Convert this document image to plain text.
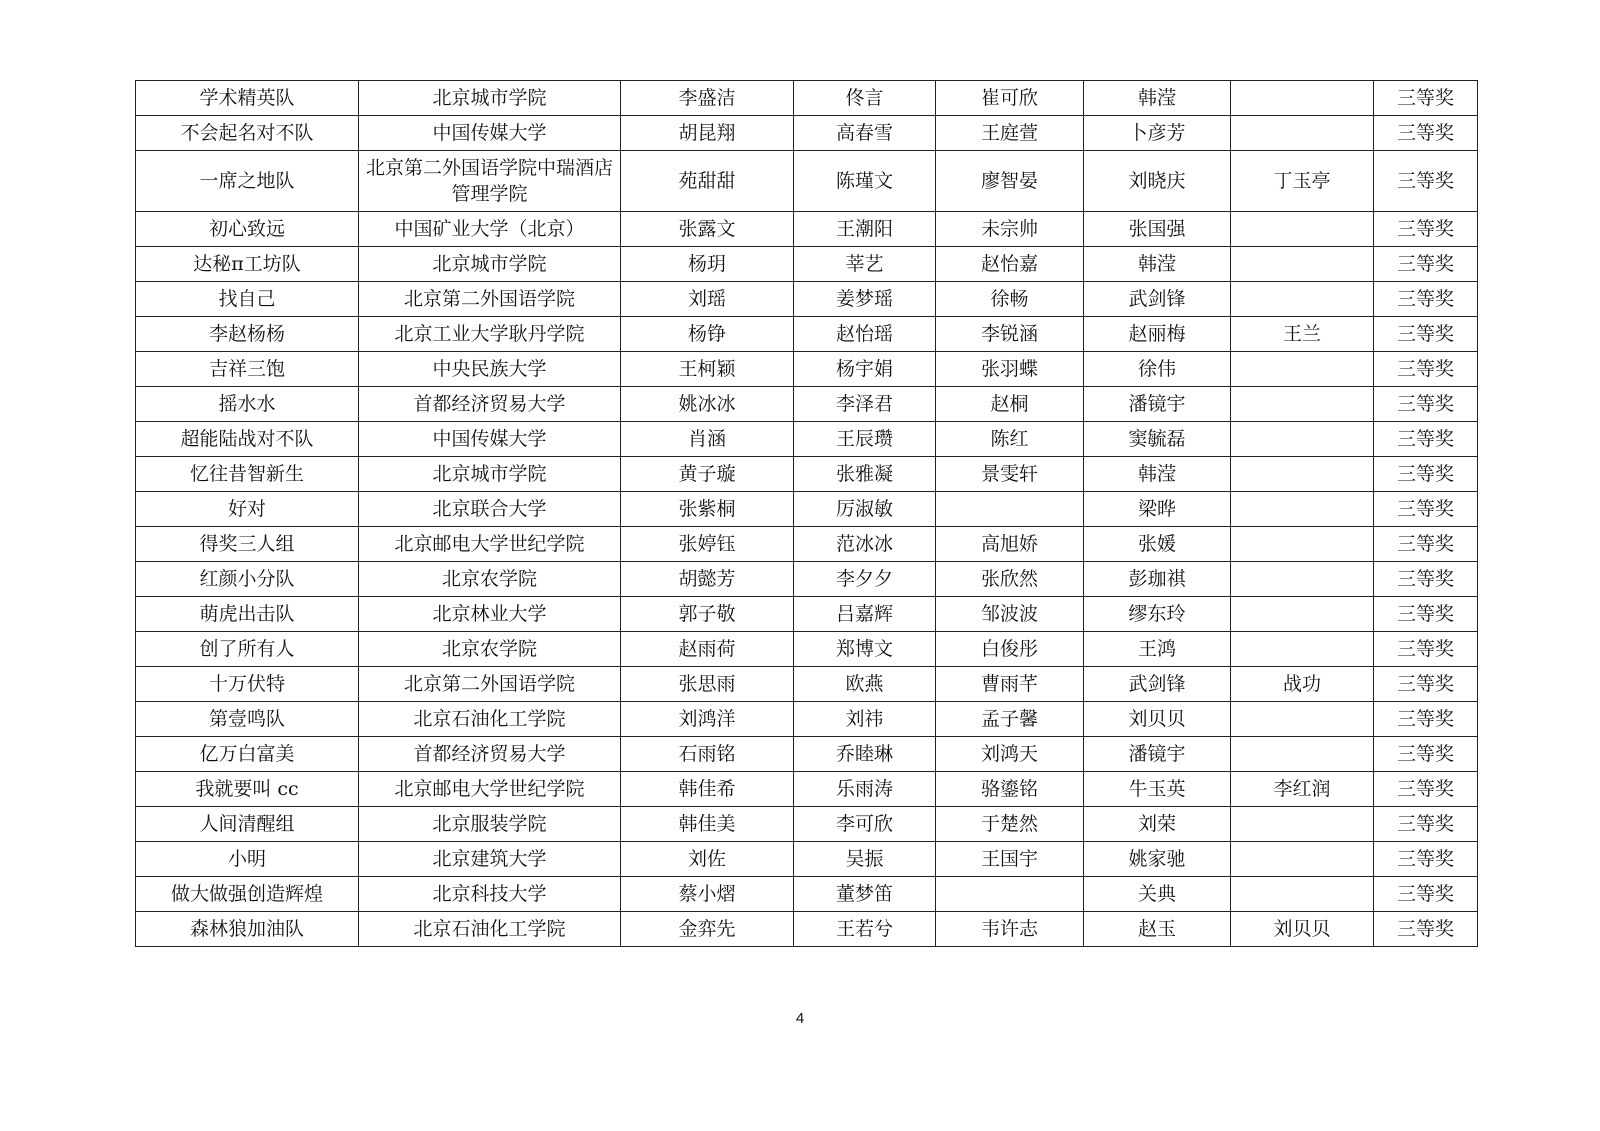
学术精英队	北京城市学院	李盛洁	佟言	崔可欣	韩滢		三等奖
不会起名对不队	中国传媒大学	胡昆翔	高春雪	王庭萱	卜彦芳		三等奖
一席之地队	北京第二外国语学院中瑞酒店管理学院	苑甜甜	陈瑾文	廖智晏	刘晓庆	丁玉亭	三等奖
初心致远	中国矿业大学（北京）	张露文	王潮阳	未宗帅	张国强		三等奖
达秘π工坊队	北京城市学院	杨玥	莘艺	赵怡嘉	韩滢		三等奖
找自己	北京第二外国语学院	刘瑶	姜梦瑶	徐畅	武剑锋		三等奖
李赵杨杨	北京工业大学耿丹学院	杨铮	赵怡瑶	李锐涵	赵丽梅	王兰	三等奖
吉祥三饱	中央民族大学	王柯颖	杨宇娟	张羽蝶	徐伟		三等奖
摇水水	首都经济贸易大学	姚冰冰	李泽君	赵桐	潘镜宇		三等奖
超能陆战对不队	中国传媒大学	肖涵	王辰瓒	陈红	窦毓磊		三等奖
忆往昔智新生	北京城市学院	黄子璇	张雅凝	景雯轩	韩滢		三等奖
好对	北京联合大学	张紫桐	厉淑敏		梁晔		三等奖
得奖三人组	北京邮电大学世纪学院	张婷钰	范冰冰	高旭娇	张媛		三等奖
红颜小分队	北京农学院	胡懿芳	李夕夕	张欣然	彭珈祺		三等奖
萌虎出击队	北京林业大学	郭子敬	吕嘉辉	邹波波	缪东玲		三等奖
创了所有人	北京农学院	赵雨荷	郑博文	白俊彤	王鸿		三等奖
十万伏特	北京第二外国语学院	张思雨	欧燕	曹雨芊	武剑锋	战功	三等奖
第壹鸣队	北京石油化工学院	刘鸿洋	刘祎	孟子馨	刘贝贝		三等奖
亿万白富美	首都经济贸易大学	石雨铭	乔睦琳	刘鸿天	潘镜宇		三等奖
我就要叫 cc	北京邮电大学世纪学院	韩佳希	乐雨涛	骆鎏铭	牛玉英	李红润	三等奖
人间清醒组	北京服装学院	韩佳美	李可欣	于楚然	刘荣		三等奖
小明	北京建筑大学	刘佐	吴振	王国宇	姚家驰		三等奖
做大做强创造辉煌	北京科技大学	蔡小熠	董梦笛		关典		三等奖
森林狼加油队	北京石油化工学院	金弈先	王若兮	韦许志	赵玉	刘贝贝	三等奖
4
